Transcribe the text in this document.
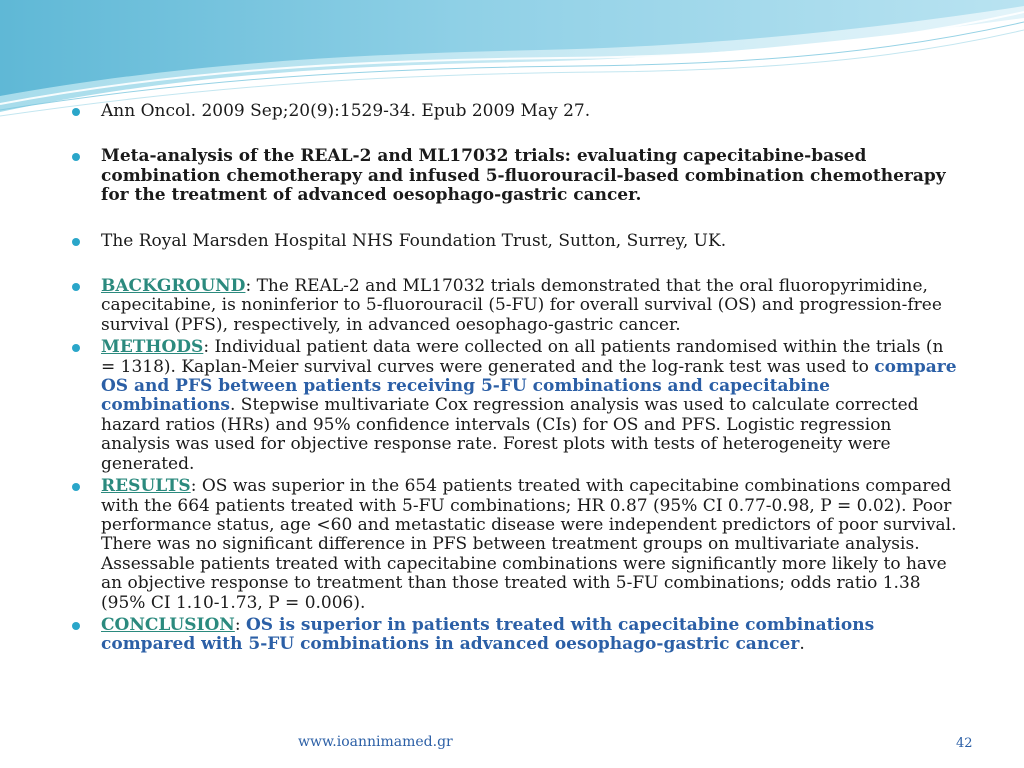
Ann Oncol. 2009 Sep;20(9):1529-34. Epub 2009 May 27.
Meta-analysis of the REAL-2 and ML17032 trials: evaluating capecitabine-based combination chemotherapy and infused 5-fluorouracil-based combination chemotherapy for the treatment of advanced oesophago-gastric cancer.
The Royal Marsden Hospital NHS Foundation Trust, Sutton, Surrey, UK.
BACKGROUND: The REAL-2 and ML17032 trials demonstrated that the oral fluoropyrimidine, capecitabine, is noninferior to 5-fluorouracil (5-FU) for overall survival (OS) and progression-free survival (PFS), respectively, in advanced oesophago-gastric cancer.
METHODS: Individual patient data were collected on all patients randomised within the trials (n = 1318). Kaplan-Meier survival curves were generated and the log-rank test was used to compare OS and PFS between patients receiving 5-FU combinations and capecitabine combinations. Stepwise multivariate Cox regression analysis was used to calculate corrected hazard ratios (HRs) and 95% confidence intervals (CIs) for OS and PFS. Logistic regression analysis was used for objective response rate. Forest plots with tests of heterogeneity were generated.
RESULTS: OS was superior in the 654 patients treated with capecitabine combinations compared with the 664 patients treated with 5-FU combinations; HR 0.87 (95% CI 0.77-0.98, P = 0.02). Poor performance status, age <60 and metastatic disease were independent predictors of poor survival. There was no significant difference in PFS between treatment groups on multivariate analysis. Assessable patients treated with capecitabine combinations were significantly more likely to have an objective response to treatment than those treated with 5-FU combinations; odds ratio 1.38 (95% CI 1.10-1.73, P = 0.006).
CONCLUSION: OS is superior in patients treated with capecitabine combinations compared with 5-FU combinations in advanced oesophago-gastric cancer.
www.ioannimamed.gr	42
